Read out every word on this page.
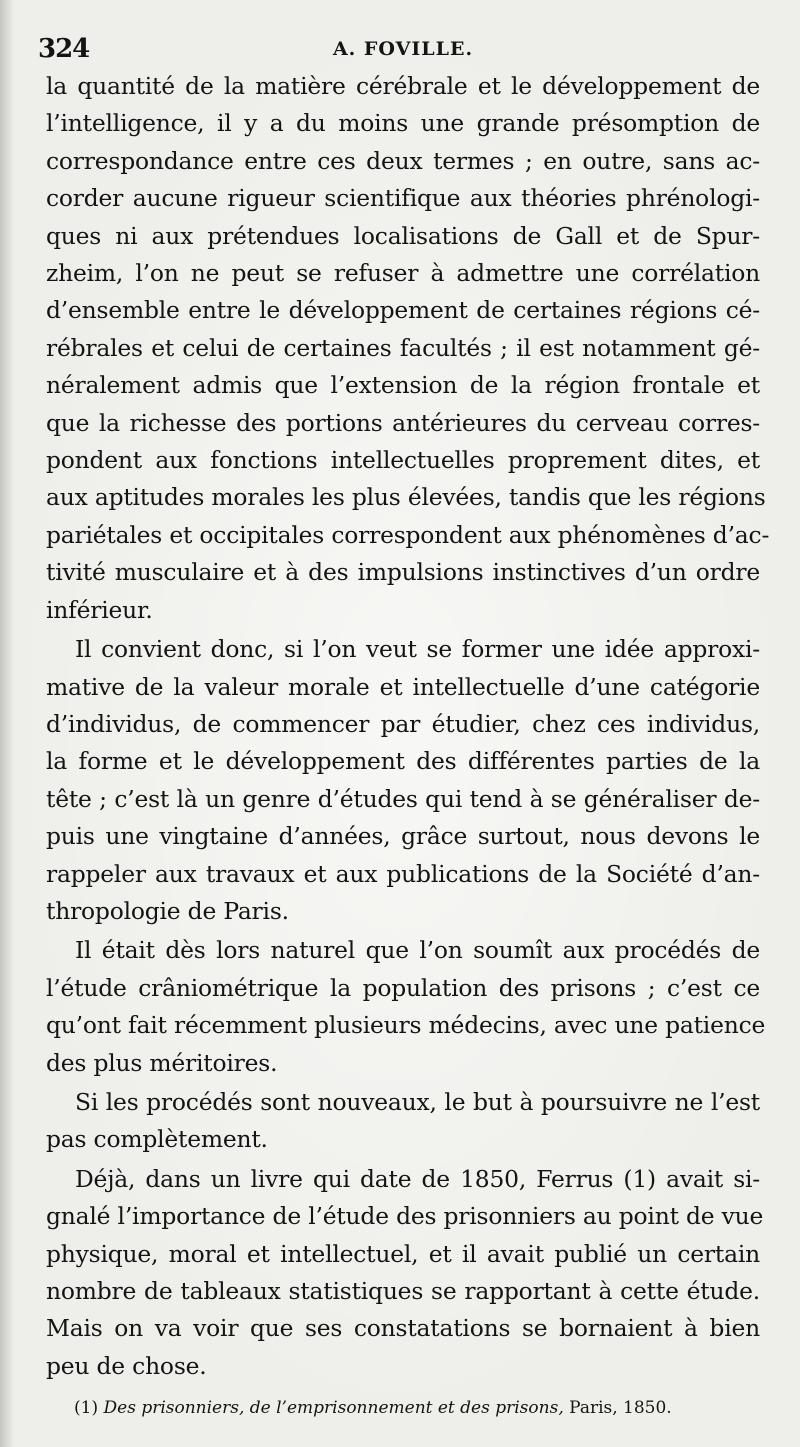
324	A. FOVILLE.

la quantité de la matière cérébrale et le développement de
l’intelligence, il y a du moins une grande présomption de
correspondance entre ces deux termes ; en outre, sans ac-
corder aucune rigueur scientifique aux théories phrénologi-
ques ni aux prétendues localisations de Gall et de Spur-
zheim, l’on ne peut se refuser à admettre une corrélation
d’ensemble entre le développement de certaines régions cé-
rébrales et celui de certaines facultés ; il est notamment gé-
néralement admis que l’extension de la région frontale et
que la richesse des portions antérieures du cerveau corres-
pondent aux fonctions intellectuelles proprement dites, et
aux aptitudes morales les plus élevées, tandis que les régions
pariétales et occipitales correspondent aux phénomènes d’ac-
tivité musculaire et à des impulsions instinctives d’un ordre
inférieur.

Il convient donc, si l’on veut se former une idée approxi-
mative de la valeur morale et intellectuelle d’une catégorie
d’individus, de commencer par étudier, chez ces individus,
la forme et le développement des différentes parties de la
tête ; c’est là un genre d’études qui tend à se généraliser de-
puis une vingtaine d’années, grâce surtout, nous devons le
rappeler aux travaux et aux publications de la Société d’an-
thropologie de Paris.

Il était dès lors naturel que l’on soumît aux procédés de
l’étude crâniométrique la population des prisons ; c’est ce
qu’ont fait récemment plusieurs médecins, avec une patience
des plus méritoires.

Si les procédés sont nouveaux, le but à poursuivre ne l’est
pas complètement.

Déjà, dans un livre qui date de 1850, Ferrus (1) avait si-
gnalé l’importance de l’étude des prisonniers au point de vue
physique, moral et intellectuel, et il avait publié un certain
nombre de tableaux statistiques se rapportant à cette étude.
Mais on va voir que ses constatations se bornaient à bien
peu de chose.

(1) Des prisonniers, de l’emprisonnement et des prisons, Paris, 1850.
